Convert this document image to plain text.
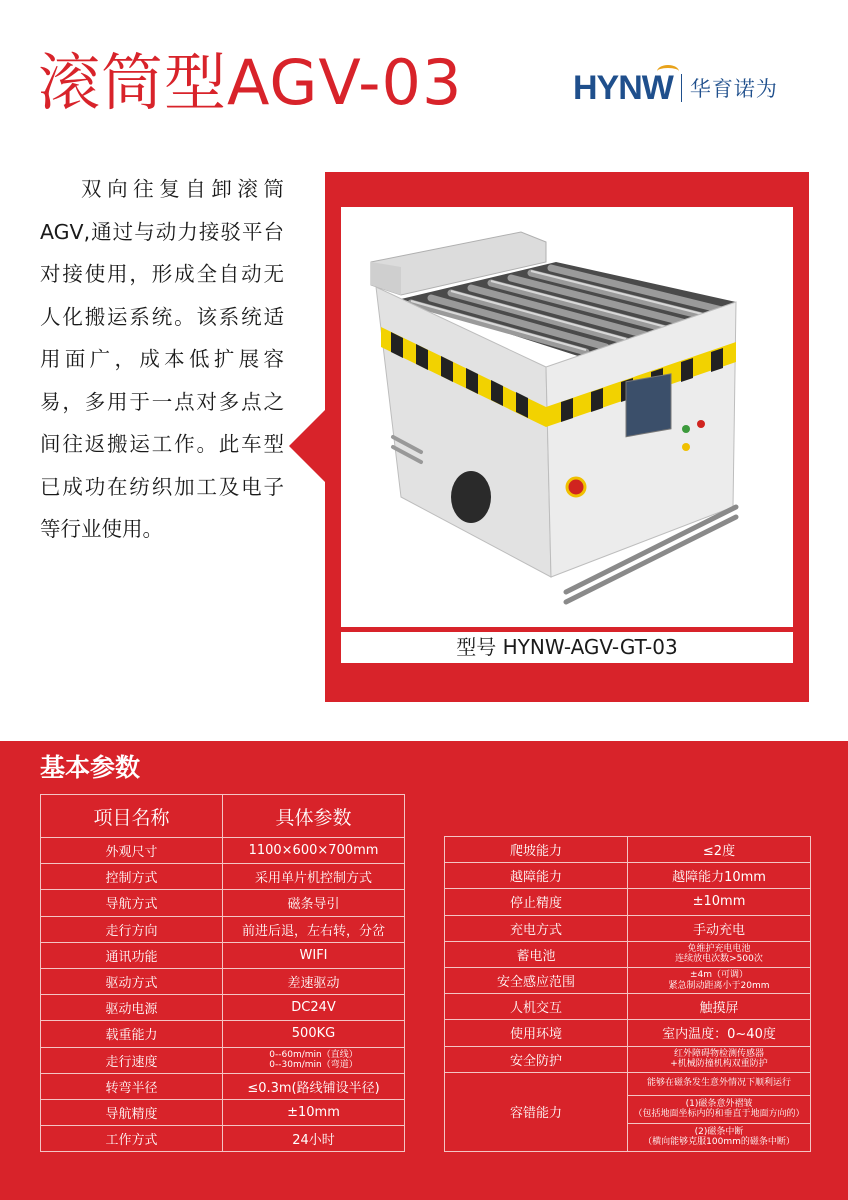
滚筒型AGV-03	HYNW 华育诺为
双向往复自卸滚筒AGV,通过与动力接驳平台对接使用，形成全自动无人化搬运系统。该系统适用面广，成本低扩展容易，多用于一点对多点之间往返搬运工作。此车型已成功在纺织加工及电子等行业使用。
型号 HYNW-AGV-GT-03
基本参数
项目名称	具体参数
外观尺寸	1100×600×700mm
控制方式	采用单片机控制方式
导航方式	磁条导引
走行方向	前进后退，左右转，分岔
通讯功能	WIFI
驱动方式	差速驱动
驱动电源	DC24V
载重能力	500KG
走行速度	0--60m/min（直线）
0--30m/min（弯道）

转弯半径	≤0.3m(路线铺设半径)
导航精度	±10mm
工作方式	24小时
爬坡能力	≤2度
越障能力	越障能力10mm
停止精度	±10mm
充电方式	手动充电
蓄电池	免维护充电电池
连续放电次数>500次

安全感应范围	±4m（可调）
紧急制动距离小于20mm

人机交互	触摸屏
使用环境	室内温度：0~40度
安全防护	红外障碍物检测传感器
+机械防撞机构双重防护

容错能力	能够在磁条发生意外情况下顺利运行

	(1)磁条意外褶皱
（包括地面坐标内的和垂直于地面方向的）

	(2)磁条中断
（横向能够克服100mm的磁条中断）
